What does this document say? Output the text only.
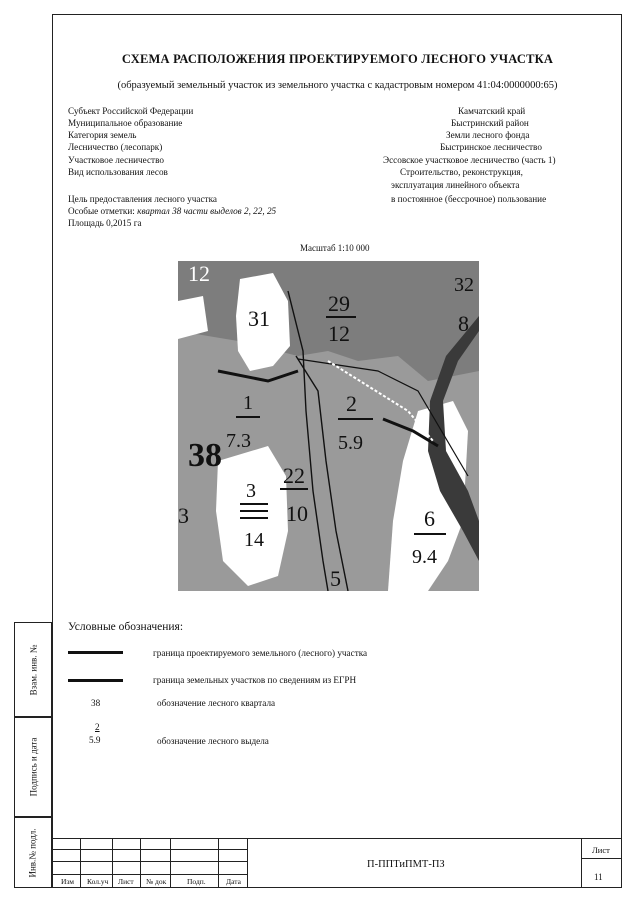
Взам. инв. №
Подпись и дата
Инв.№ подл.
СХЕМА РАСПОЛОЖЕНИЯ ПРОЕКТИРУЕМОГО ЛЕСНОГО УЧАСТКА
(образуемый земельный участок из земельного участка с кадастровым номером 41:04:0000000:65)
Субъект Российской Федерации	Камчатский край
Муниципальное образование	Быстринский район
Категория земель	Земли лесного фонда
Лесничество (лесопарк)	Быстринское лесничество
Участковое лесничество	Эссовское участковое лесничество (часть 1)
Вид использования лесов	Строительство, реконструкция,
эксплуатация линейного объекта
Цель предоставления лесного участка	в постоянное (бессрочное) пользование
Особые отметки: квартал 38 части выделов 2, 22, 25
Площадь 0,2015 га
Масштаб 1:10 000
12
31
29
12
32
8
1
7.3
38
2
5.9
22
10
3
3
14
6
9.4
5
Условные обозначения:
граница проектируемого земельного (лесного) участка
граница земельных участков по сведениям из ЕГРН
38	обозначение лесного квартала
2
5.9	обозначение лесного выдела
Изм Кол.уч Лист № док	Подп.	Дата
П-ППТиПМТ-ПЗ
Лист
11
